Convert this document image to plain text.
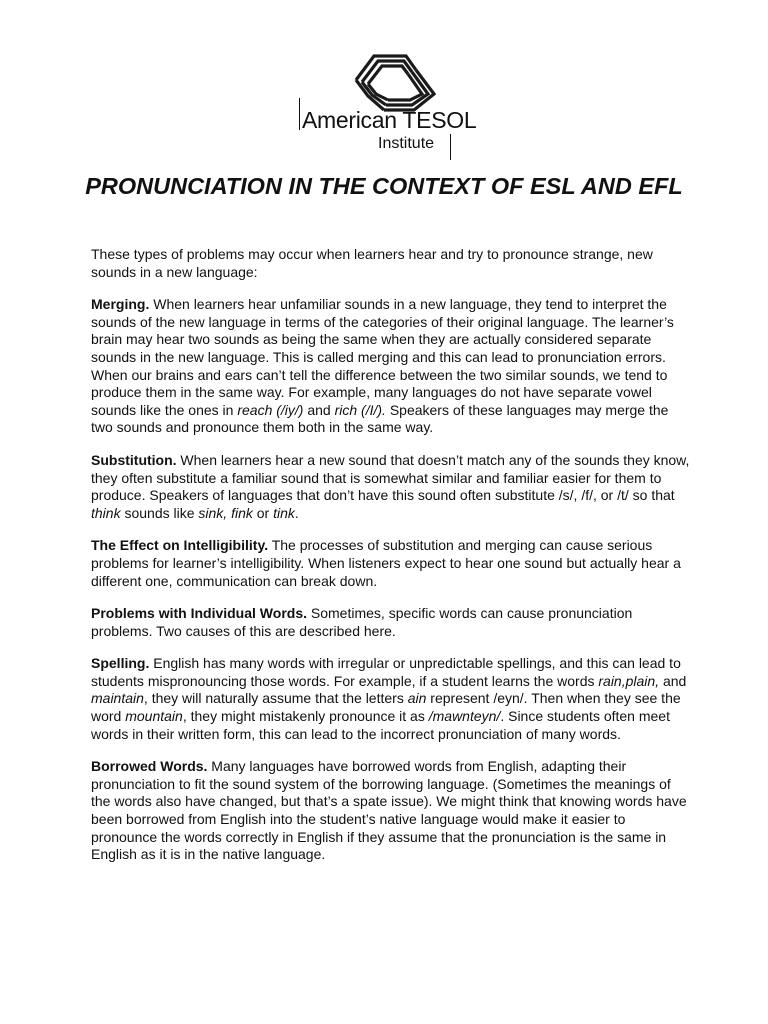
American TESOL
Institute
PRONUNCIATION IN THE CONTEXT OF ESL AND EFL

These types of problems may occur when learners hear and try to pronounce strange, new sounds in a new language:

Merging. When learners hear unfamiliar sounds in a new language, they tend to interpret the sounds of the new language in terms of the categories of their original language. The learner’s brain may hear two sounds as being the same when they are actually considered separate sounds in the new language. This is called merging and this can lead to pronunciation errors. When our brains and ears can’t tell the difference between the two similar sounds, we tend to produce them in the same way. For example, many languages do not have separate vowel sounds like the ones in reach (/iy/) and rich (/I/). Speakers of these languages may merge the two sounds and pronounce them both in the same way.

Substitution. When learners hear a new sound that doesn’t match any of the sounds they know, they often substitute a familiar sound that is somewhat similar and familiar easier for them to produce. Speakers of languages that don’t have this sound often substitute /s/, /f/, or /t/ so that think sounds like sink, fink or tink.

The Effect on Intelligibility. The processes of substitution and merging can cause serious problems for learner’s intelligibility. When listeners expect to hear one sound but actually hear a different one, communication can break down.

Problems with Individual Words. Sometimes, specific words can cause pronunciation problems. Two causes of this are described here.

Spelling. English has many words with irregular or unpredictable spellings, and this can lead to students mispronouncing those words. For example, if a student learns the words rain,plain, and maintain, they will naturally assume that the letters ain represent /eyn/. Then when they see the word mountain, they might mistakenly pronounce it as /mawnteyn/. Since students often meet words in their written form, this can lead to the incorrect pronunciation of many words.

Borrowed Words. Many languages have borrowed words from English, adapting their pronunciation to fit the sound system of the borrowing language. (Sometimes the meanings of the words also have changed, but that’s a spate issue). We might think that knowing words have been borrowed from English into the student’s native language would make it easier to pronounce the words correctly in English if they assume that the pronunciation is the same in English as it is in the native language.
